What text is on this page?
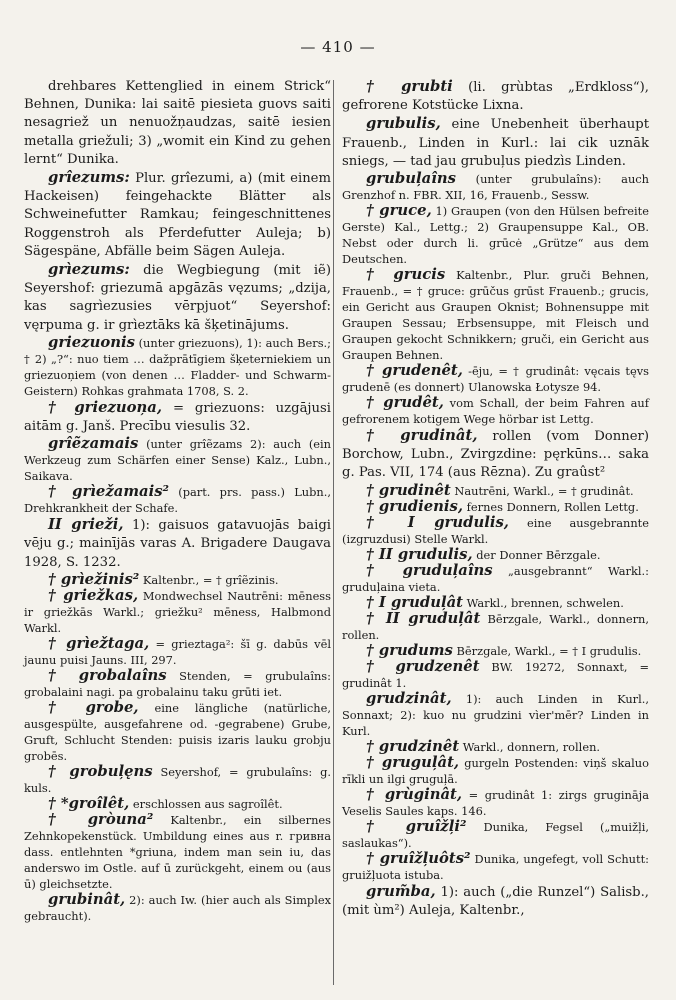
— 410 —

drehbares Kettenglied in einem Strick“ Behnen, Dunika: lai saitē piesieta guovs saiti nesagriež un nenuožņaudzas, saitē iesien metalla griežuli; 3) „womit ein Kind zu gehen lernt“ Dunika.

grîezums: Plur. grîezumi, a) (mit einem Hackeisen) feingehackte Blätter als Schweinefutter Ramkau; feingeschnittenes Roggenstroh als Pferdefutter Auleja; b) Sägespäne, Abfälle beim Sägen Auleja.

grìezums: die Wegbiegung (mit iẽ) Seyershof: griezumā apgāzās vęzums; „dzija, kas sagrìezusies vērpjuot“ Seyershof: vęrpuma g. ir grìeztāks kā šķetinājums.

griezuonis (unter griezuons), 1): auch Bers.; † 2) „?“: nuo tiem … dažprātīgiem šķeterniekiem un griezuoņiem (von denen … Fladder- und Schwarm-Geistern) Rohkas grahmata 1708, S. 2.

† griezuoņa, = griezuons: uzgājusi aitām g. Janš. Precību viesulis 32.

grîẽzamais (unter grîẽzams 2): auch (ein Werkzeug zum Schärfen einer Sense) Kalz., Lubn., Saikava.

† grìežamais² (part. prs. pass.) Lubn., Drehkrankheit der Schafe.

II grieži, 1): gaisuos gatavuojās baigi vēju g.; mainījās varas A. Brigadere Daugava 1928, S. 1232.

† grìežinis² Kaltenbr., = † grîẽzinis.

† griežkas, Mondwechsel Nautrēni: mēness ir griežkās Warkl.; griežku² mēness, Halbmond Warkl.

† grìežtaga, = grieztaga²: šī g. dabūs vēl jaunu puisi Jauns. III, 297.

† grobalaîns Stenden, = grubulaîns: grobalaini nagi. pa grobalainu taku grūti iet.

† grobe, eine längliche (natürliche, ausgespülte, ausgefahrene od. -gegrabene) Grube, Gruft, Schlucht Stenden: puisis izaris lauku grobju grobēs.

† grobuļęns Seyershof, = grubulaîns: g. kuls.

† *groîlêt, erschlossen aus sagroîlêt.

† gròuna² Kaltenbr., ein silbernes Zehnkopekenstück. Umbildung eines aus r. гривна dass. entlehnten *griuna, indem man sein iu, das anderswo im Ostle. auf ū zurückgeht, einem ou (aus ū) gleichsetzte.

grubinât, 2): auch Iw. (hier auch als Simplex gebraucht).

† grubti (li. grùbtas „Erdkloss“), gefrorene Kotstücke Lixna.

grubulis, eine Unebenheit überhaupt Frauenb., Linden in Kurl.: lai cik uznāk sniegs, — tad jau grubuļus piedzìs Linden.

grubuļaîns (unter grubulaîns): auch Grenzhof n. FBR. XII, 16, Frauenb., Sessw.

† gruce, 1) Graupen (von den Hülsen befreite Gerste) Kal., Lettg.; 2) Graupensuppe Kal., OB. Nebst oder durch li. grūcė „Grütze“ aus dem Deutschen.

† grucis Kaltenbr., Plur. gruči Behnen, Frauenb., = † gruce: grūčus grūst Frauenb.; grucis, ein Gericht aus Graupen Oknist; Bohnensuppe mit Graupen Sessau; Erbsensuppe, mit Fleisch und Graupen gekocht Schnikkern; gruči, ein Gericht aus Graupen Behnen.

† grudenêt, -ēju, = † grudinât: vęcais tęvs grudenē (es donnert) Ulanowska Łotysze 94.

† grudêt, vom Schall, der beim Fahren auf gefrorenem kotigem Wege hörbar ist Lettg.

† grudinât, rollen (vom Donner) Borchow, Lubn., Zvirgzdine: pęrkūns… saka g. Pas. VII, 174 (aus Rēzna). Zu graûst²

† grudinêt Nautrēni, Warkl., = † grudinât.

† grudienis, fernes Donnern, Rollen Lettg.

† I grudulis, eine ausgebrannte (izgruzdusi) Stelle Warkl.

† II grudulis, der Donner Bērzgale.

† gruduļaîns „ausgebrannt“ Warkl.: gruduļaina vieta.

† I gruduļât Warkl., brennen, schwelen.

† II gruduļât Bērzgale, Warkl., donnern, rollen.

† grudums Bērzgale, Warkl., = † I grudulis.

† grudzenêt BW. 19272, Sonnaxt, = grudinât 1.

grudzinât, 1): auch Linden in Kurl., Sonnaxt; 2): kuo nu grudzini vìer'mēr? Linden in Kurl.

† grudzinêt Warkl., donnern, rollen.

† gruguļât, gurgeln Postenden: viņš skaluo rīkli un ilgi gruguļā.

† grùginât, = grudinât 1: zirgs grugināja Veselis Saules kaps. 146.

† gruîžļi² Dunika, Fegsel („muižļi, saslaukas“).

† gruîžļuôts² Dunika, ungefegt, voll Schutt: gruižļuota istuba.

grum̃ba, 1): auch („die Runzel“) Salisb., (mit ùm²) Auleja, Kaltenbr.,
